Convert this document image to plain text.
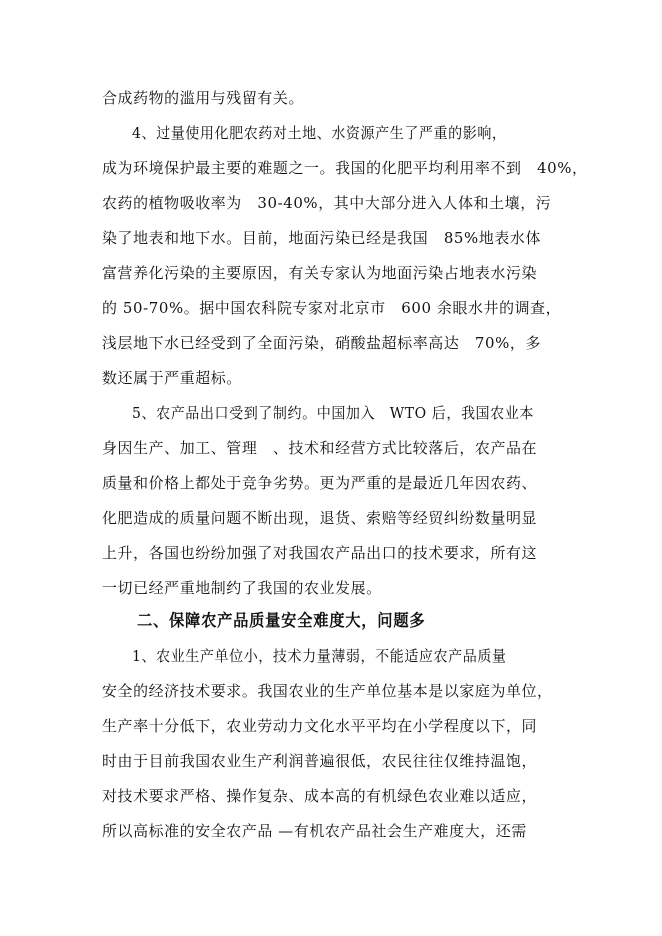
合成药物的滥用与残留有关。
4、过量使用化肥农药对土地、水资源产生了严重的影响，
成为环境保护最主要的难题之一。我国的化肥平均利用率不到　40%，
农药的植物吸收率为　30-40%，其中大部分进入人体和土壤，污
染了地表和地下水。目前，地面污染已经是我国　85%地表水体
富营养化污染的主要原因，有关专家认为地面污染占地表水污染
的 50-70%。据中国农科院专家对北京市　600 余眼水井的调查，
浅层地下水已经受到了全面污染，硝酸盐超标率高达　70%，多
数还属于严重超标。
5、农产品出口受到了制约。中国加入　WTO 后，我国农业本
身因生产、加工、管理　、技术和经营方式比较落后，农产品在
质量和价格上都处于竞争劣势。更为严重的是最近几年因农药、
化肥造成的质量问题不断出现，退货、索赔等经贸纠纷数量明显
上升，各国也纷纷加强了对我国农产品出口的技术要求，所有这
一切已经严重地制约了我国的农业发展。
二、保障农产品质量安全难度大，问题多
1、农业生产单位小，技术力量薄弱，不能适应农产品质量
安全的经济技术要求。我国农业的生产单位基本是以家庭为单位，
生产率十分低下，农业劳动力文化水平平均在小学程度以下，同
时由于目前我国农业生产利润普遍很低，农民往往仅维持温饱，
对技术要求严格、操作复杂、成本高的有机绿色农业难以适应，
所以高标准的安全农产品 —有机农产品社会生产难度大，还需
